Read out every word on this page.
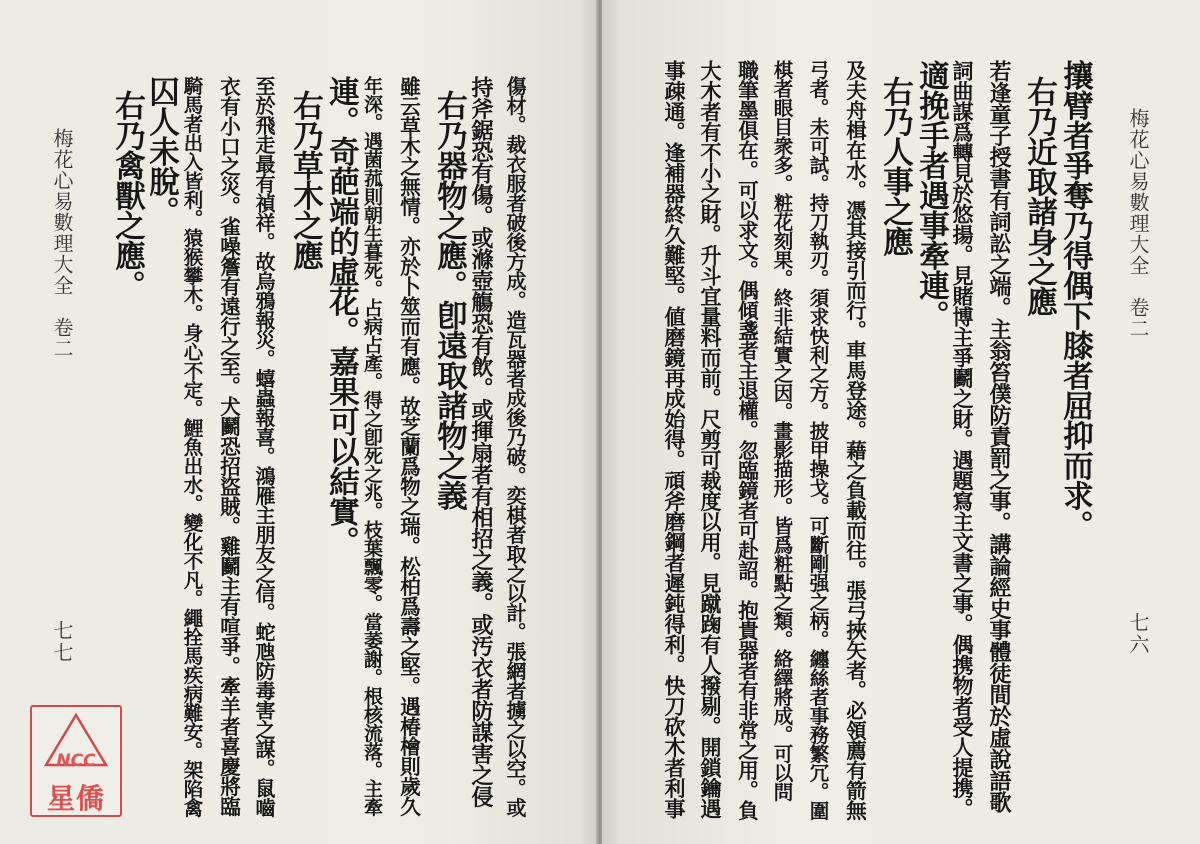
梅花心易數理大全　卷二
七七
右乃禽獸之應。
囚人未脫。 騎馬者出入皆利。猿猴攀木。身心不定。鯉魚出水。變化不凡。繩拴馬疾病難安。架陷禽 衣有小口之災。雀噪簷有遠行之至。犬鬬恐招盜賊。雞鬬主有喧爭。牽羊者喜慶將臨 至於飛走最有禎祥。故烏鴉報災。蟢蟲報喜。鴻雁主朋友之信。蛇虺防毒害之謀。鼠嚙 右乃草木之應 連。奇葩端的虛花。嘉果可以結實。 年深。遇菌菰則朝生暮死。占病占產。得之卽死之兆。枝葉飄零。當萎謝。根核流落。主牽 雖云草木之無情。亦於卜筮而有應。故芝蘭爲物之瑞。松柏爲壽之堅。遇椿檜則歲久 右乃器物之應。卽遠取諸物之義 持斧鋸恐有傷。或滌壺觴恐有飲。或揮扇者有相招之義。或汚衣者防謀害之侵 傷材。裁衣服者破後方成。造瓦器者成後乃破。奕棋者取之以計。張網者擄之以空。或
NCC
星僑
梅花心易數理大全　卷二
七六
事疎通。逢補器終久難堅。値磨鏡再成始得。頑斧磨鋼者遲鈍得利。快刀砍木者利事 大木者有不小之財。升斗宜量料而前。尺剪可裁度以用。見蹴踘有人撥剔。開鎖鑰遇 職筆墨俱在。可以求文。偶傾盞者主退權。忽臨鏡者可赴詔。抱貴器者有非常之用。負 棋者眼目衆多。粧花刻果。終非結實之因。畫影描形。皆爲粧點之類。絡繹將成。可以問 弓者。未可試。持刀執刃。須求快利之方。披甲操戈。可斷剛强之柄。纏絲者事務繁冗。圍 及夫舟楫在水。憑其接引而行。車馬登途。藉之負載而往。張弓挾矢者。必領薦有箭無 右乃人事之應 適挽手者遇事牽連。 詞曲謀爲轉見於悠揚。見賭博主爭鬬之財。遇題寫主文書之事。偶携物者受人提携。 若逢童子授書有詞訟之端。主翁笞僕防責罰之事。講論經史事體徒間於虛說語歌 右乃近取諸身之應 攘臂者爭奪乃得偶下膝者屈抑而求。
